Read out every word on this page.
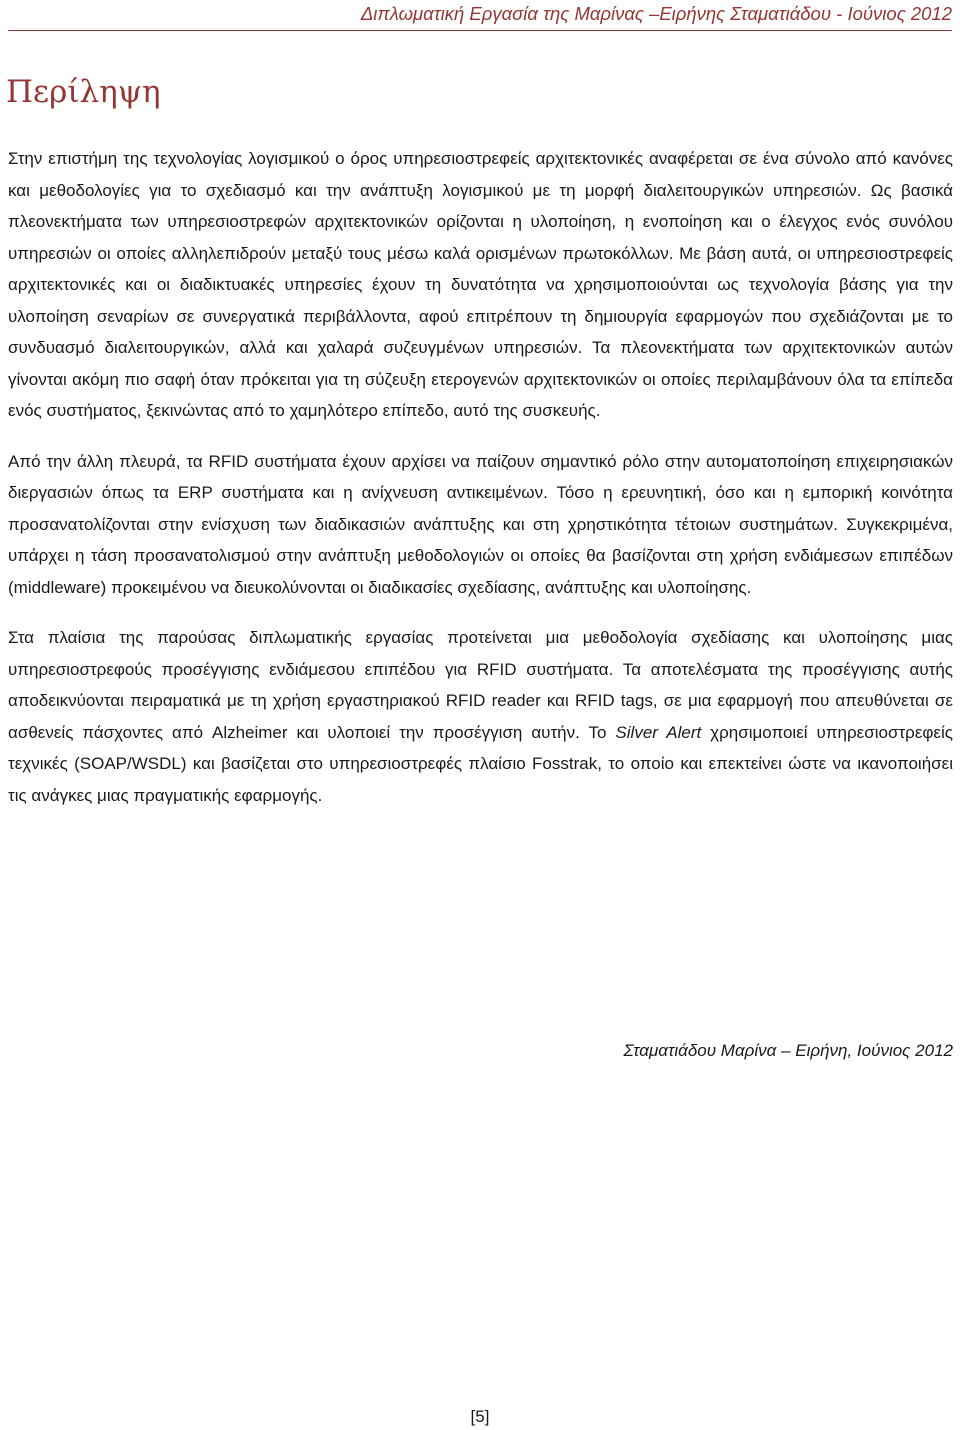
Διπλωματική Εργασία της Μαρίνας –Ειρήνης Σταματιάδου - Ιούνιος 2012
Περίληψη

Στην επιστήμη της τεχνολογίας λογισμικού ο όρος υπηρεσιοστρεφείς αρχιτεκτονικές αναφέρεται σε ένα σύνολο από κανόνες και μεθοδολογίες για το σχεδιασμό και την ανάπτυξη λογισμικού με τη μορφή διαλειτουργικών υπηρεσιών. Ως βασικά πλεονεκτήματα των υπηρεσιοστρεφών αρχιτεκτονικών ορίζονται η υλοποίηση, η ενοποίηση και ο έλεγχος ενός συνόλου υπηρεσιών οι οποίες αλληλεπιδρούν μεταξύ τους μέσω καλά ορισμένων πρωτοκόλλων. Με βάση αυτά, οι υπηρεσιοστρεφείς αρχιτεκτονικές και οι διαδικτυακές υπηρεσίες έχουν τη δυνατότητα να χρησιμοποιούνται ως τεχνολογία βάσης για την υλοποίηση σεναρίων σε συνεργατικά περιβάλλοντα, αφού επιτρέπουν τη δημιουργία εφαρμογών που σχεδιάζονται με το συνδυασμό διαλειτουργικών, αλλά και χαλαρά συζευγμένων υπηρεσιών. Τα πλεονεκτήματα των αρχιτεκτονικών αυτών γίνονται ακόμη πιο σαφή όταν πρόκειται για τη σύζευξη ετερογενών αρχιτεκτονικών οι οποίες περιλαμβάνουν όλα τα επίπεδα ενός συστήματος, ξεκινώντας από το χαμηλότερο επίπεδο, αυτό της συσκευής.

Από την άλλη πλευρά, τα RFID συστήματα έχουν αρχίσει να παίζουν σημαντικό ρόλο στην αυτοματοποίηση επιχειρησιακών διεργασιών όπως τα ERP συστήματα και η ανίχνευση αντικειμένων. Τόσο η ερευνητική, όσο και η εμπορική κοινότητα προσανατολίζονται στην ενίσχυση των διαδικασιών ανάπτυξης και στη χρηστικότητα τέτοιων συστημάτων. Συγκεκριμένα, υπάρχει η τάση προσανατολισμού στην ανάπτυξη μεθοδολογιών οι οποίες θα βασίζονται στη χρήση ενδιάμεσων επιπέδων (middleware) προκειμένου να διευκολύνονται οι διαδικασίες σχεδίασης, ανάπτυξης και υλοποίησης.

Στα πλαίσια της παρούσας διπλωματικής εργασίας προτείνεται μια μεθοδολογία σχεδίασης και υλοποίησης μιας υπηρεσιοστρεφούς προσέγγισης ενδιάμεσου επιπέδου για RFID συστήματα. Τα αποτελέσματα της προσέγγισης αυτής αποδεικνύονται πειραματικά με τη χρήση εργαστηριακού RFID reader και RFID tags, σε μια εφαρμογή που απευθύνεται σε ασθενείς πάσχοντες από Alzheimer και υλοποιεί την προσέγγιση αυτήν. Το Silver Alert χρησιμοποιεί υπηρεσιοστρεφείς τεχνικές (SOAP/WSDL) και βασίζεται στο υπηρεσιοστρεφές πλαίσιο Fosstrak, το οποίο και επεκτείνει ώστε να ικανοποιήσει τις ανάγκες μιας πραγματικής εφαρμογής.

Σταματιάδου Μαρίνα – Ειρήνη, Ιούνιος 2012
[5]
